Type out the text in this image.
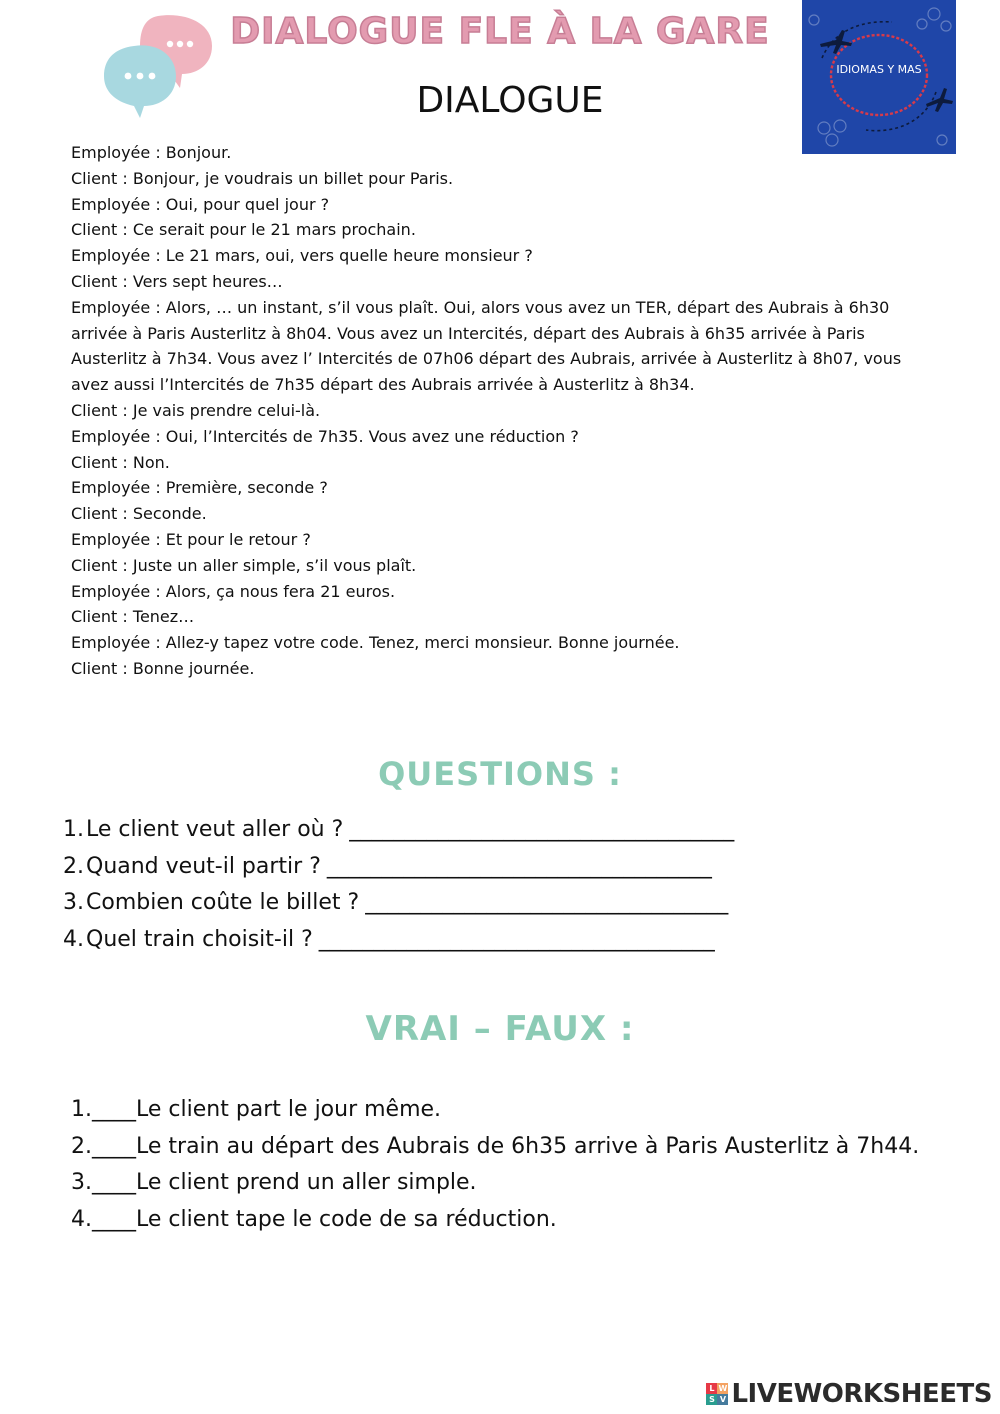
DIALOGUE FLE À LA GARE
DIALOGUE
IDIOMAS Y MAS

Employée : Bonjour.

Client : Bonjour, je voudrais un billet pour Paris.

Employée : Oui, pour quel jour ?

Client : Ce serait pour le 21 mars prochain.

Employée : Le 21 mars, oui, vers quelle heure monsieur ?

Client : Vers sept heures…

Employée : Alors, … un instant, s’il vous plaît. Oui, alors vous avez un TER, départ des Aubrais à 6h30 arrivée à Paris Austerlitz à 8h04. Vous avez un Intercités, départ des Aubrais à 6h35 arrivée à Paris Austerlitz à 7h34. Vous avez l’ Intercités de 07h06 départ des Aubrais, arrivée à Austerlitz à 8h07, vous avez aussi l’Intercités de 7h35 départ des Aubrais arrivée à Austerlitz à 8h34.

Client : Je vais prendre celui-là.

Employée : Oui, l’Intercités de 7h35. Vous avez une réduction ?

Client : Non.

Employée : Première, seconde ?

Client : Seconde.

Employée : Et pour le retour ?

Client : Juste un aller simple, s’il vous plaît.

Employée : Alors, ça nous fera 21 euros.

Client : Tenez…

Employée : Allez-y tapez votre code. Tenez, merci monsieur. Bonne journée.

Client : Bonne journée.

QUESTIONS :
1. Le client veut aller où ? ___________________________________
2. Quand veut-il partir ? ___________________________________
3. Combien coûte le billet ? _________________________________
4. Quel train choisit-il ? ____________________________________
VRAI – FAUX :
1. ____Le client part le jour même.
2. ____Le train au départ des Aubrais de 6h35 arrive à Paris Austerlitz à 7h44.
3. ____Le client prend un aller simple.
4. ____Le client tape le code de sa réduction.
L W
S V LIVEWORKSHEETS
